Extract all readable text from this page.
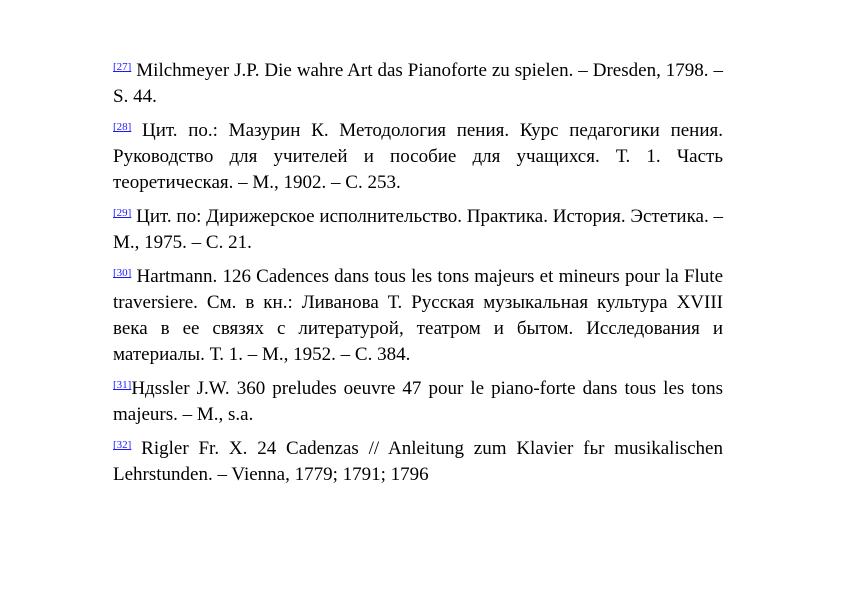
[27] Milchmeyer J.P. Die wahre Art das Pianoforte zu spielen. – Dresden, 1798. – S. 44.

[28] Цит. по.: Мазурин К. Методология пения. Курс педагогики пения. Руководство для учителей и пособие для учащихся. Т. 1. Часть теоретическая. – М., 1902. – С. 253.

[29] Цит. по: Дирижерское исполнительство. Практика. История. Эстетика. – М., 1975. – С. 21.

[30] Hartmann. 126 Cadences dans tous les tons majeurs et mineurs pour la Flute traversiere. См. в кн.: Ливанова Т. Русская музыкальная культура XVIII века в ее связях с литературой, театром и бытом. Исследования и материалы. Т. 1. – М., 1952. – С. 384.

[31]Ндssler J.W. 360 preludes oeuvre 47 pour le piano-forte dans tous les tons majeurs. – М., s.a.

[32] Rigler Fr. X. 24 Cadenzas // Anleitung zum Klavier fьr musikalischen Lehrstunden. – Vienna, 1779; 1791; 1796
